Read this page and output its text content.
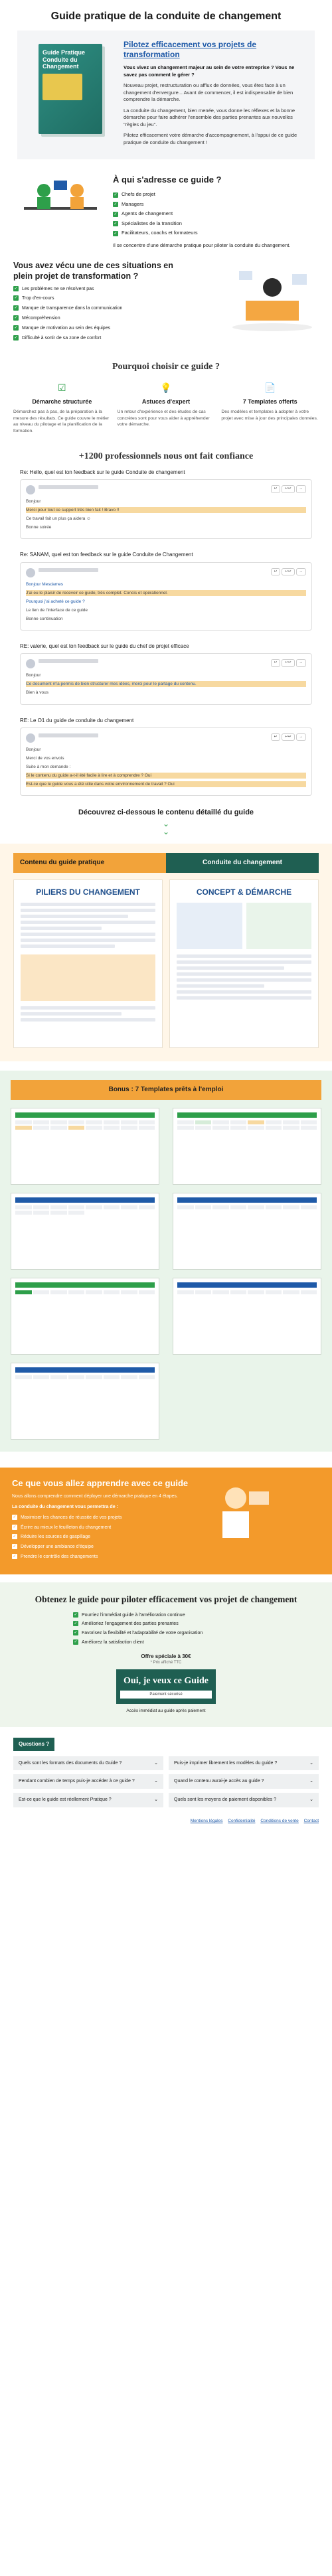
Guide pratique de la conduite de changement
Guide Pratique Conduite du Changement
Pilotez efficacement vos projets de transformation

Vous vivez un changement majeur au sein de votre entreprise ? Vous ne savez pas comment le gérer ?

Nouveau projet, restructuration ou afflux de données, vous êtes face à un changement d'envergure... Avant de commencer, il est indispensable de bien comprendre la démarche.

La conduite du changement, bien menée, vous donne les réflexes et la bonne démarche pour faire adhérer l'ensemble des parties prenantes aux nouvelles "règles du jeu".

Pilotez efficacement votre démarche d'accompagnement, à l'appui de ce guide pratique de conduite du changement !

À qui s'adresse ce guide ?
✓ Chefs de projet
✓ Managers
✓ Agents de changement
✓ Spécialistes de la transition
✓ Facilitateurs, coachs et formateurs

Il se concentre d'une démarche pratique pour piloter la conduite du changement.

Vous avez vécu une de ces situations en plein projet de transformation ?
✓ Les problèmes ne se résolvent pas
✓ Trop d'en-cours
✓ Manque de transparence dans la communication
✓ Mécompréhension
✓ Manque de motivation au sein des équipes
✓ Difficulté à sortir de sa zone de confort
Pourquoi choisir ce guide ?
☑
Démarche structurée

Démarchez pas à pas, de la préparation à la mesure des résultats. Ce guide couvre le métier au niveau du pilotage et la planification de la formation.

💡
Astuces d'expert

Un retour d'expérience et des études de cas concrètes sont pour vous aider à appréhender votre démarche.

📄
7 Templates offerts

Des modèles et templates à adopter à votre projet avec mise à jour des principales données.

+1200 professionnels nous ont fait confiance
Re: Hello, quel est ton feedback sur le guide Conduite de changement
↩ ↩↩ →

Bonjour

Merci pour tout ce support très bien fait ! Bravo !!

Ce travail fait un plus ça aidera ☺

Bonne soirée

Re: SANAM, quel est ton feedback sur le guide Conduite de Changement
↩ ↩↩ →

Bonjour Mesdames

J'ai eu le plaisir de recevoir ce guide, très complet. Concis et opérationnel.

Pourquoi j'ai acheté ce guide ?

Le lien de l'interface de ce guide

Bonne continuation

RE: valerie, quel est ton feedback sur le guide du chef de projet efficace
↩ ↩↩ →

Bonjour

Ce document m'a permis de bien structurer mes idées, merci pour le partage du contenu.

Bien à vous

RE: Le O1 du guide de conduite du changement
↩ ↩↩ →

Bonjour

Merci de vos envois

Suite à mon demande :

Si le contenu du guide a-t-il été facile à lire et à comprendre ? Oui

Est-ce que le guide vous a été utile dans votre environnement de travail ? Oui

Découvrez ci-dessous le contenu détaillé du guide
⌄
⌄
Contenu du guide pratique	Conduite du changement
PILIERS DU CHANGEMENT	CONCEPT & DÉMARCHE
Bonus : 7 Templates prêts à l'emploi
Ce que vous allez apprendre avec ce guide

Nous allons comprendre comment déployer une démarche pratique en 4 étapes.

La conduite du changement vous permettra de :

✓ Maximiser les chances de réussite de vos projets
✓ Écrire au mieux le feuilleton du changement
✓ Réduire les sources de gaspillage
✓ Développer une ambiance d'équipe
✓ Prendre le contrôle des changements
Obtenez le guide pour piloter efficacement vos projet de changement
✓ Pourriez l'immédiat guide à l'amélioration continue
✓ Amélioriez l'engagement des parties prenantes
✓ Favorisez la flexibilité et l'adaptabilité de votre organisation
✓ Améliorez la satisfaction client
Offre spéciale à 30€
* Prix affiché TTC
Oui, je veux ce Guide
Paiement sécurisé
Accès immédiat au guide après paiement
Questions ?
Quels sont les formats des documents du Guide ?	⌄	Puis-je imprimer librement les modèles du guide ?	⌄
Pendant combien de temps puis-je accéder à ce guide ?	⌄	Quand le contenu aurai-je accès au guide ?	⌄
Est-ce que le guide est réellement Pratique ?	⌄	Quels sont les moyens de paiement disponibles ?	⌄
Mentions légales Confidentialité Conditions de vente Contact
